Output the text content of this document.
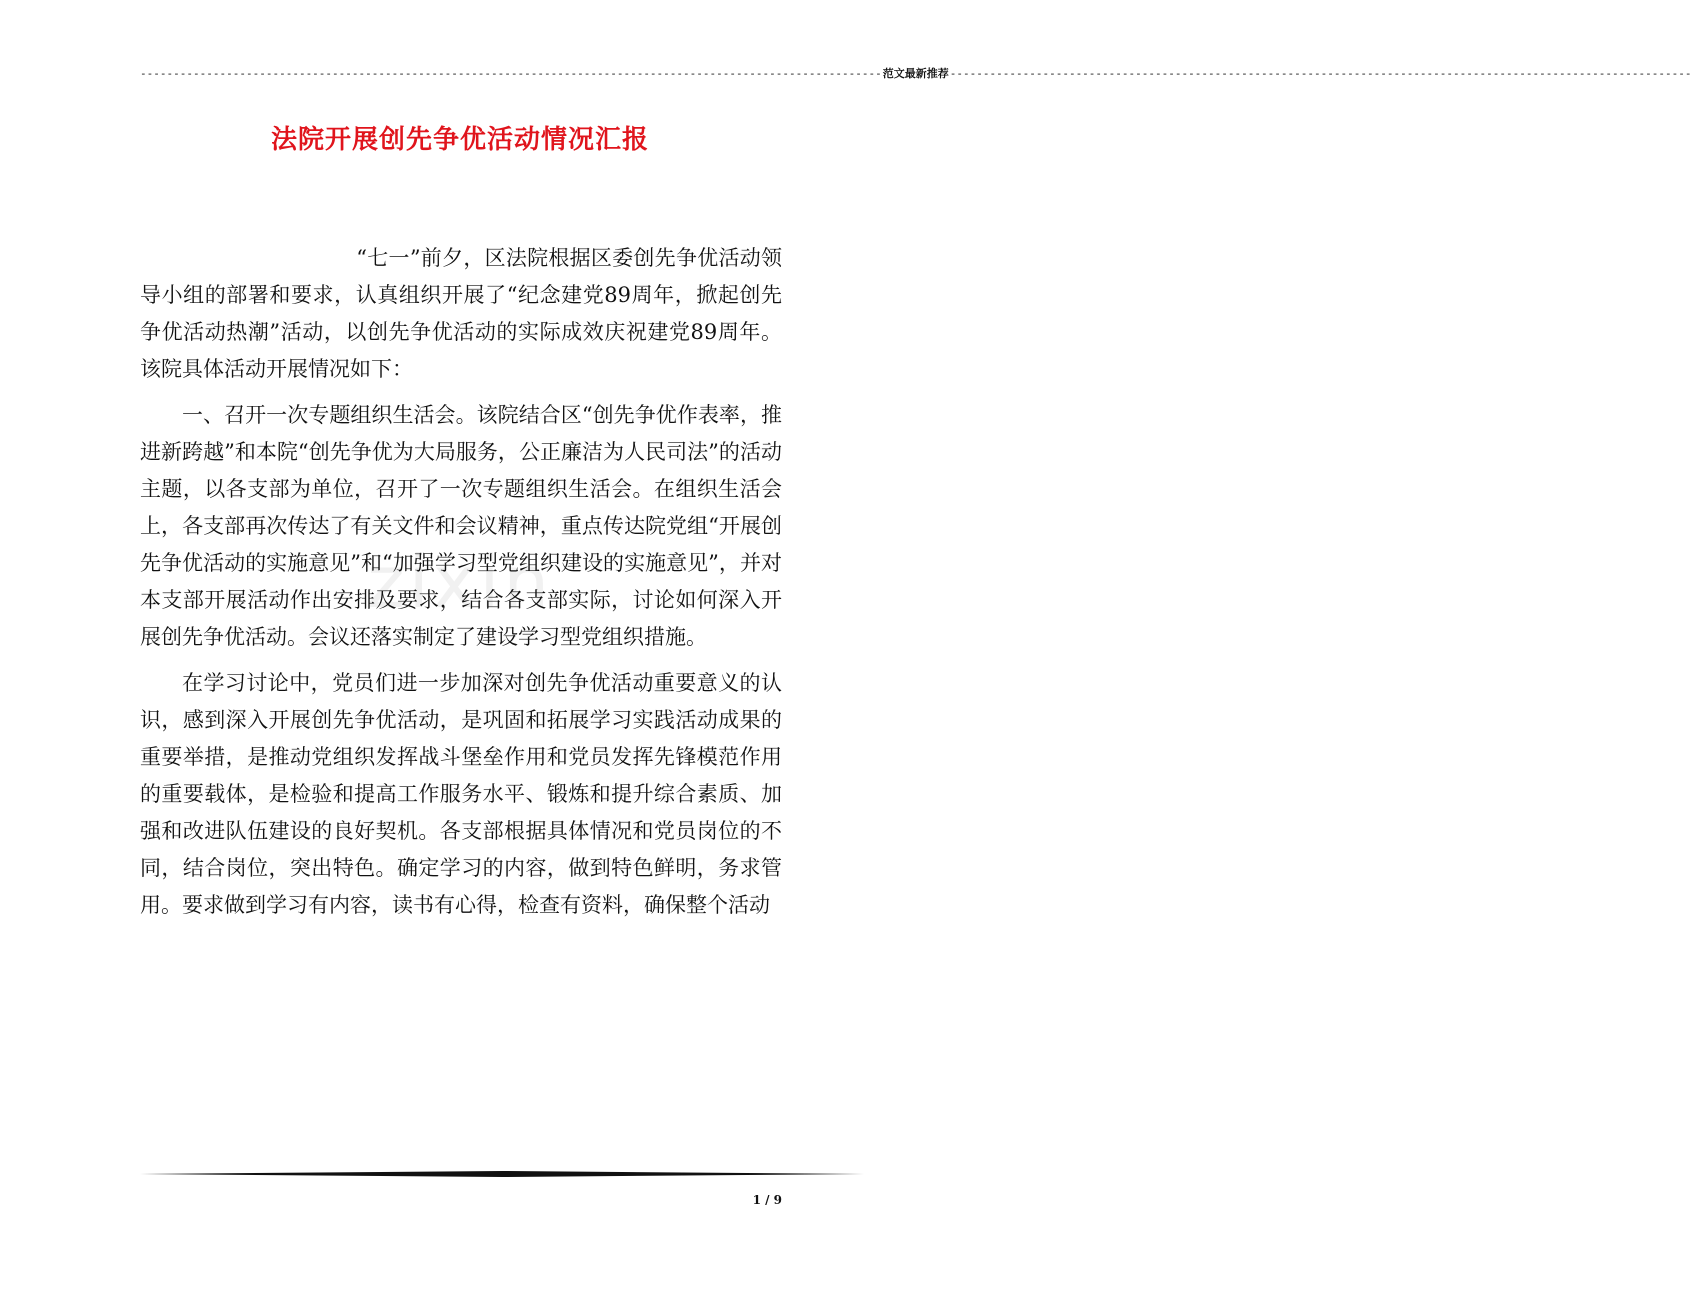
---------------------------------------------------------------------------------------------------------------- 范文最新推荐 ----------------------------------------------------------------------------------------------------------------
法院开展创先争优活动情况汇报
zixin

“七一”前夕，区法院根据区委创先争优活动领导小组的部署和要求，认真组织开展了“纪念建党89周年，掀起创先争优活动热潮”活动，以创先争优活动的实际成效庆祝建党89周年。该院具体活动开展情况如下：

一、召开一次专题组织生活会。该院结合区“创先争优作表率，推进新跨越”和本院“创先争优为大局服务，公正廉洁为人民司法”的活动主题，以各支部为单位，召开了一次专题组织生活会。在组织生活会上，各支部再次传达了有关文件和会议精神，重点传达院党组“开展创先争优活动的实施意见”和“加强学习型党组织建设的实施意见”，并对本支部开展活动作出安排及要求，结合各支部实际，讨论如何深入开展创先争优活动。会议还落实制定了建设学习型党组织措施。

在学习讨论中，党员们进一步加深对创先争优活动重要意义的认识，感到深入开展创先争优活动，是巩固和拓展学习实践活动成果的重要举措，是推动党组织发挥战斗堡垒作用和党员发挥先锋模范作用的重要载体，是检验和提高工作服务水平、锻炼和提升综合素质、加强和改进队伍建设的良好契机。各支部根据具体情况和党员岗位的不同，结合岗位，突出特色。确定学习的内容，做到特色鲜明，务求管用。要求做到学习有内容，读书有心得，检查有资料，确保整个活动

1 / 9
